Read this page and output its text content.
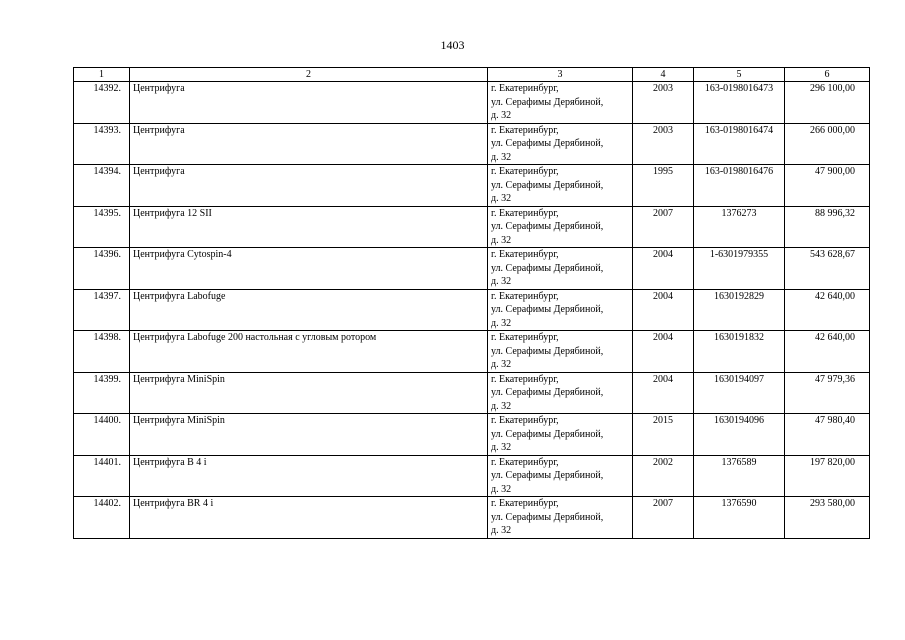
1403
1	2	3	4	5	6
14392.	Центрифуга	г. Екатеринбург,
ул. Серафимы Дерябиной,
д. 32	2003	163-0198016473	296 100,00
14393.	Центрифуга	г. Екатеринбург,
ул. Серафимы Дерябиной,
д. 32	2003	163-0198016474	266 000,00
14394.	Центрифуга	г. Екатеринбург,
ул. Серафимы Дерябиной,
д. 32	1995	163-0198016476	47 900,00
14395.	Центрифуга 12 SII	г. Екатеринбург,
ул. Серафимы Дерябиной,
д. 32	2007	1376273	88 996,32
14396.	Центрифуга Cytospin-4	г. Екатеринбург,
ул. Серафимы Дерябиной,
д. 32	2004	1-6301979355	543 628,67
14397.	Центрифуга Labofuge	г. Екатеринбург,
ул. Серафимы Дерябиной,
д. 32	2004	1630192829	42 640,00
14398.	Центрифуга Labofuge 200 настольная с угловым ротором	г. Екатеринбург,
ул. Серафимы Дерябиной,
д. 32	2004	1630191832	42 640,00
14399.	Центрифуга MiniSpin	г. Екатеринбург,
ул. Серафимы Дерябиной,
д. 32	2004	1630194097	47 979,36
14400.	Центрифуга MiniSpin	г. Екатеринбург,
ул. Серафимы Дерябиной,
д. 32	2015	1630194096	47 980,40
14401.	Центрифуга В 4 i	г. Екатеринбург,
ул. Серафимы Дерябиной,
д. 32	2002	1376589	197 820,00
14402.	Центрифуга BR 4 i	г. Екатеринбург,
ул. Серафимы Дерябиной,
д. 32	2007	1376590	293 580,00
